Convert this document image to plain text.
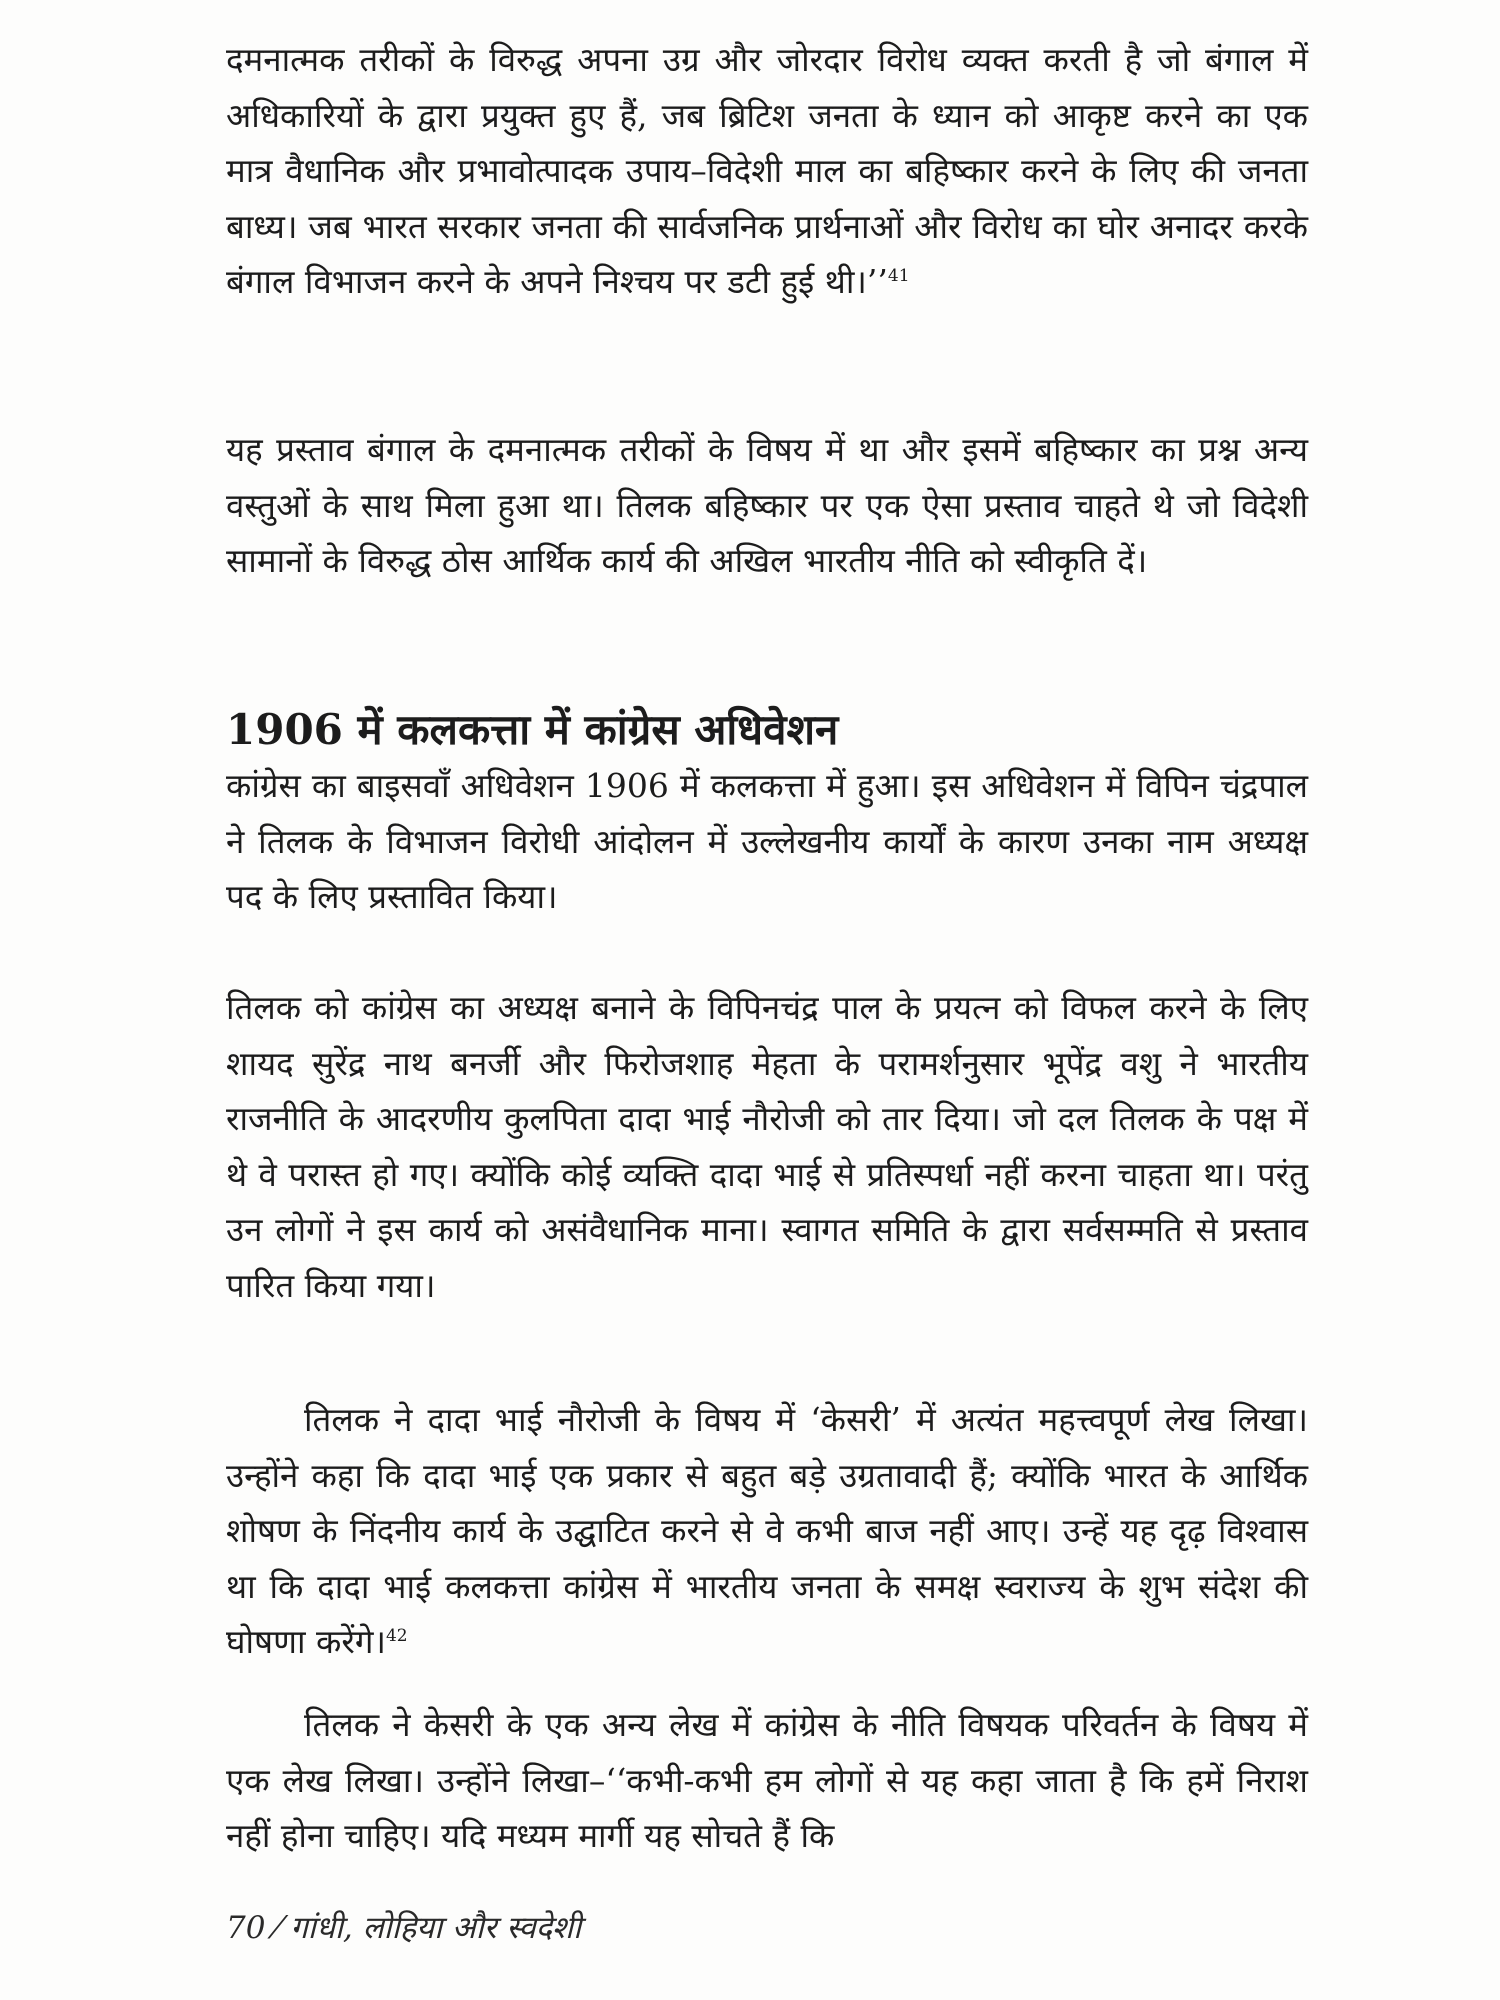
दमनात्मक तरीकों के विरुद्ध अपना उग्र और जोरदार विरोध व्यक्त करती है जो बंगाल में अधिकारियों के द्वारा प्रयुक्त हुए हैं, जब ब्रिटिश जनता के ध्यान को आकृष्ट करने का एक मात्र वैधानिक और प्रभावोत्पादक उपाय–विदेशी माल का बहिष्कार करने के लिए की जनता बाध्य। जब भारत सरकार जनता की सार्वजनिक प्रार्थनाओं और विरोध का घोर अनादर करके बंगाल विभाजन करने के अपने निश्चय पर डटी हुई थी।’’$^{41}$

यह प्रस्ताव बंगाल के दमनात्मक तरीकों के विषय में था और इसमें बहिष्कार का प्रश्न अन्य वस्तुओं के साथ मिला हुआ था। तिलक बहिष्कार पर एक ऐसा प्रस्ताव चाहते थे जो विदेशी सामानों के विरुद्ध ठोस आर्थिक कार्य की अखिल भारतीय नीति को स्वीकृति दें।

1906 में कलकत्ता में कांग्रेस अधिवेशन

कांग्रेस का बाइसवाँ अधिवेशन 1906 में कलकत्ता में हुआ। इस अधिवेशन में विपिन चंद्रपाल ने तिलक के विभाजन विरोधी आंदोलन में उल्लेखनीय कार्यों के कारण उनका नाम अध्यक्ष पद के लिए प्रस्तावित किया।

तिलक को कांग्रेस का अध्यक्ष बनाने के विपिनचंद्र पाल के प्रयत्न को विफल करने के लिए शायद सुरेंद्र नाथ बनर्जी और फिरोजशाह मेहता के परामर्शनुसार भूपेंद्र वशु ने भारतीय राजनीति के आदरणीय कुलपिता दादा भाई नौरोजी को तार दिया। जो दल तिलक के पक्ष में थे वे परास्त हो गए। क्योंकि कोई व्यक्ति दादा भाई से प्रतिस्पर्धा नहीं करना चाहता था। परंतु उन लोगों ने इस कार्य को असंवैधानिक माना। स्वागत समिति के द्वारा सर्वसम्मति से प्रस्ताव पारित किया गया।

तिलक ने दादा भाई नौरोजी के विषय में ‘केसरी’ में अत्यंत महत्त्वपूर्ण लेख लिखा। उन्होंने कहा कि दादा भाई एक प्रकार से बहुत बड़े उग्रतावादी हैं; क्योंकि भारत के आर्थिक शोषण के निंदनीय कार्य के उद्घाटित करने से वे कभी बाज नहीं आए। उन्हें यह दृढ़ विश्वास था कि दादा भाई कलकत्ता कांग्रेस में भारतीय जनता के समक्ष स्वराज्य के शुभ संदेश की घोषणा करेंगे।$^{42}$

तिलक ने केसरी के एक अन्य लेख में कांग्रेस के नीति विषयक परिवर्तन के विषय में एक लेख लिखा। उन्होंने लिखा–‘‘कभी-कभी हम लोगों से यह कहा जाता है कि हमें निराश नहीं होना चाहिए। यदि मध्यम मार्गी यह सोचते हैं कि

70 ⁄ गांधी, लोहिया और स्वदेशी
